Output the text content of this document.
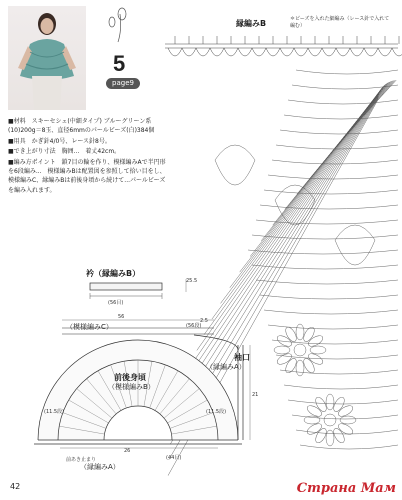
5
page9

■材料　スキーセシェ(中細タイプ) ブルーグリーン系(10)200g＝8玉、直径6mmのパールビーズ(白)384個

■用具　かぎ針4/0号、レース針8号。

■でき上がり寸法　胸囲...　着丈42cm。

■編み方ポイント　鎖7目の輪を作り、模様編みAで半円形を6段編み...　模様編みBは配置図を参照して拾い目をし、模様編みC、縁編みBは前後身頃から続けて...パールビーズを編み入れます。

縁編みB	＊ビーズを入れた細編み（レース針で入れて編む）
衿（縁編みB）
25.5
(56目)
（模様編みC）
56
(56段)
2.5
前後身頃
（模様編みB）
袖口
（縁編みA）
21
(11.5段)	(11.5段)
26
前あき止まり	(44目)
（縁編みA）
42	Страна Мам
